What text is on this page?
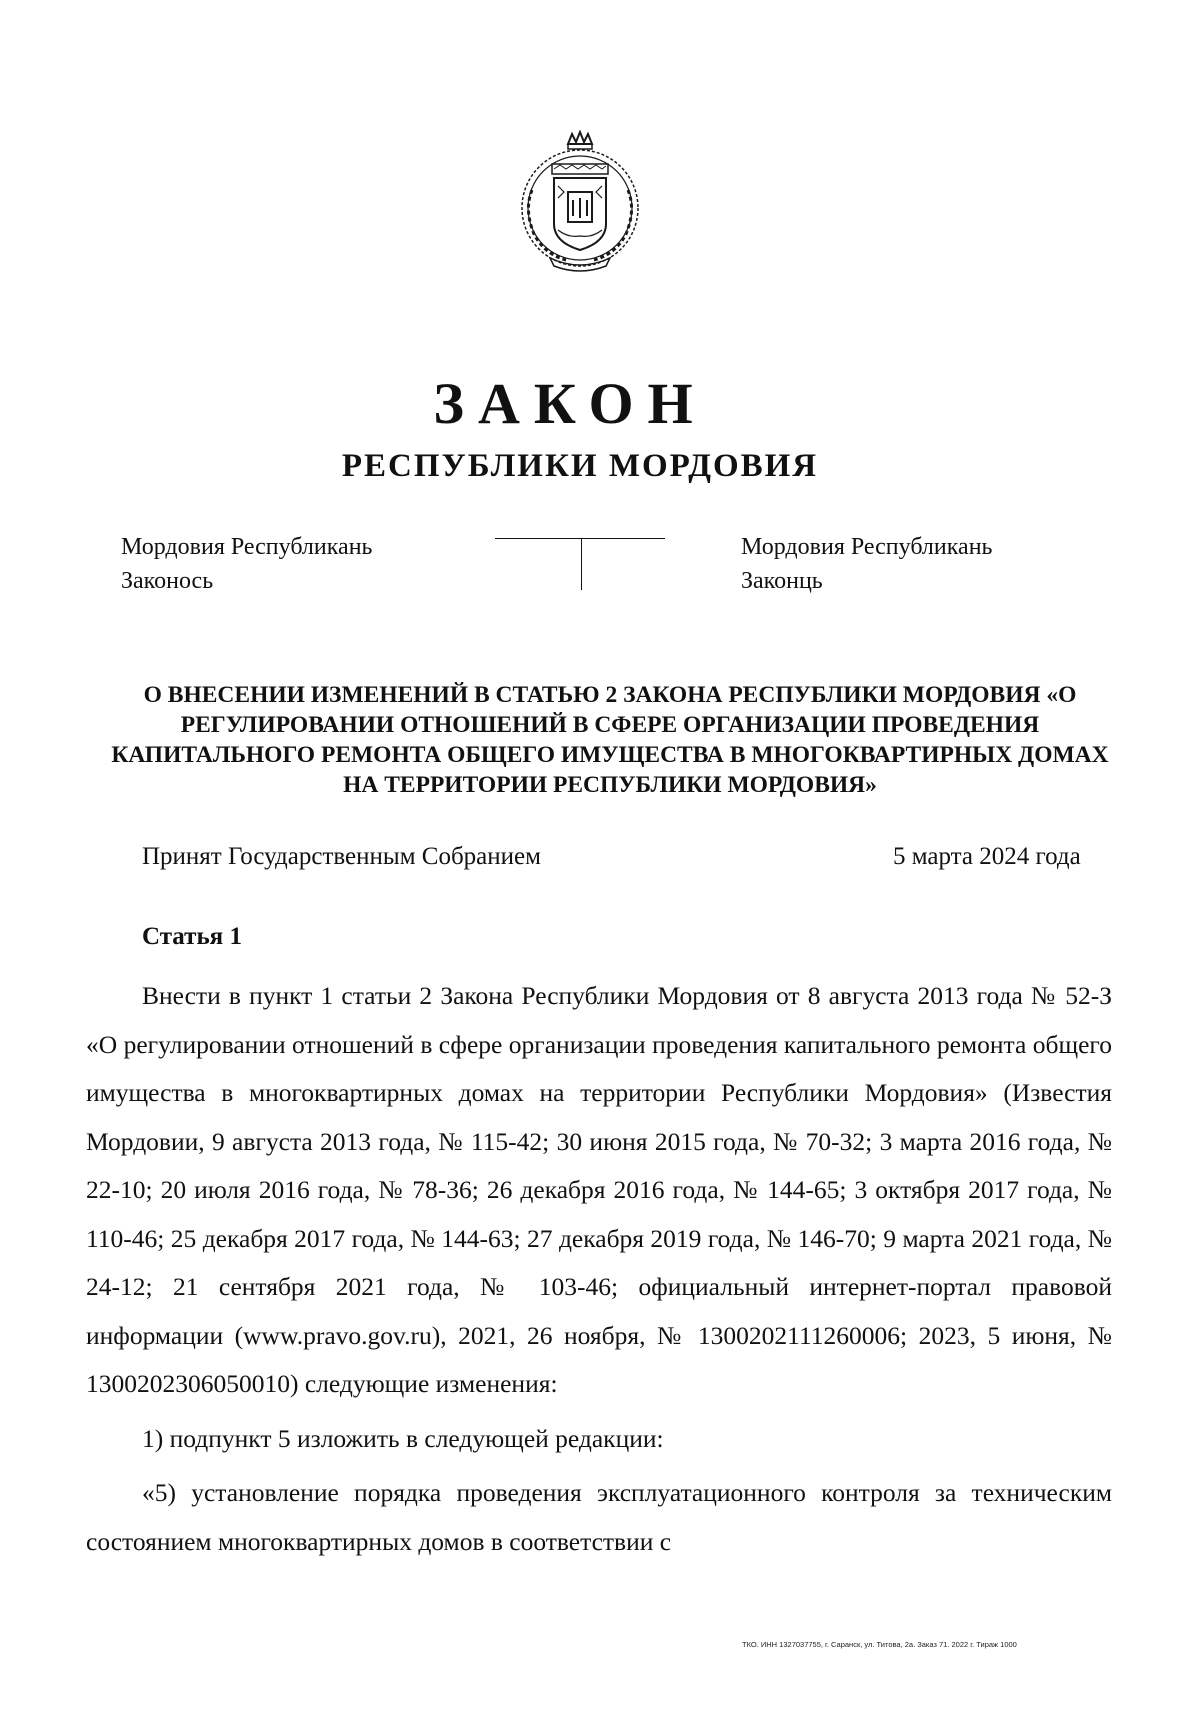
ЗАКОН
РЕСПУБЛИКИ МОРДОВИЯ
Мордовия Республикань
Законось
Мордовия Республикань
Законць
О ВНЕСЕНИИ ИЗМЕНЕНИЙ В СТАТЬЮ 2 ЗАКОНА РЕСПУБЛИКИ МОРДОВИЯ «О РЕГУЛИРОВАНИИ ОТНОШЕНИЙ В СФЕРЕ ОРГАНИЗАЦИИ ПРОВЕДЕНИЯ КАПИТАЛЬНОГО РЕМОНТА ОБЩЕГО ИМУЩЕСТВА В МНОГОКВАРТИРНЫХ ДОМАХ НА ТЕРРИТОРИИ РЕСПУБЛИКИ МОРДОВИЯ»
Принят Государственным Собранием	5 марта 2024 года
Статья 1

Внести в пункт 1 статьи 2 Закона Республики Мордовия от 8 августа 2013 года № 52-З «О регулировании отношений в сфере организации проведения капитального ремонта общего имущества в многоквартирных домах на территории Республики Мордовия» (Известия Мордовии, 9 августа 2013 года, № 115-42; 30 июня 2015 года, № 70-32; 3 марта 2016 года, № 22-10; 20 июля 2016 года, № 78-36; 26 декабря 2016 года, № 144-65; 3 октября 2017 года, № 110-46; 25 декабря 2017 года, № 144-63; 27 декабря 2019 года, № 146-70; 9 марта 2021 года, № 24-12; 21 сентября 2021 года, № 103-46; официальный интернет-портал правовой информации (www.pravo.gov.ru), 2021, 26 ноября, № 1300202111260006; 2023, 5 июня, № 1300202306050010) следующие изменения:

1) подпункт 5 изложить в следующей редакции:

«5) установление порядка проведения эксплуатационного контроля за техническим состоянием многоквартирных домов в соответствии с

ТКО. ИНН 1327037755, г. Саранск, ул. Титова, 2а. Заказ 71. 2022 г. Тираж 1000
